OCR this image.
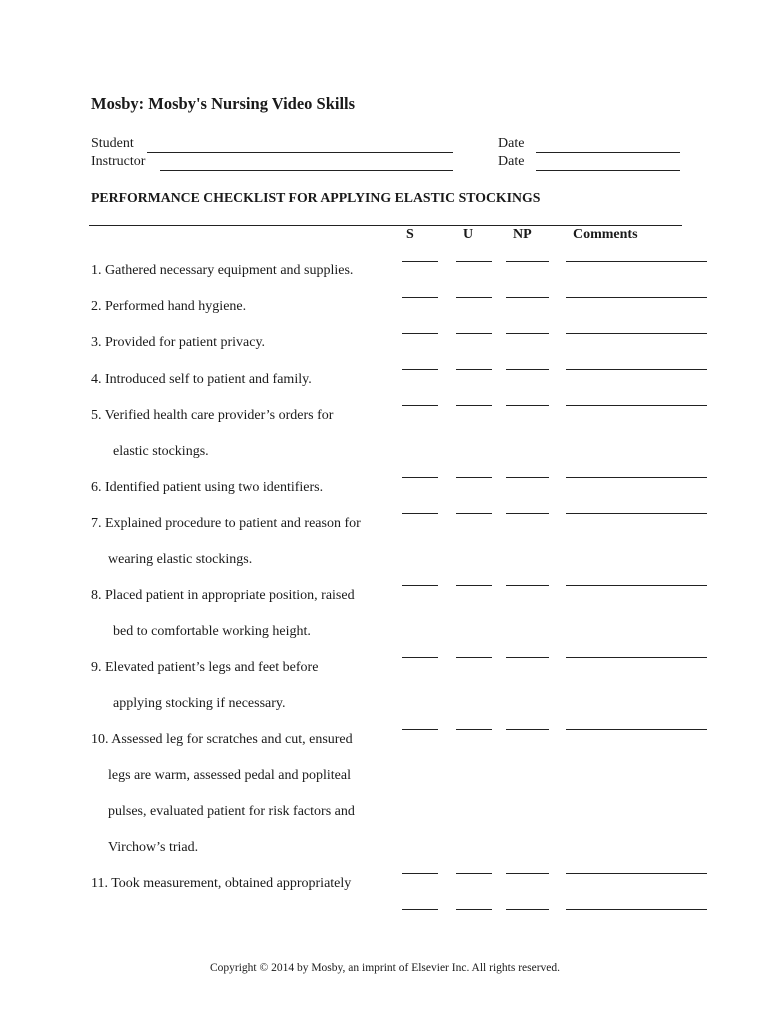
Mosby: Mosby's Nursing Video Skills
Student
Instructor
Date
Date
PERFORMANCE CHECKLIST FOR APPLYING ELASTIC STOCKINGS
S	U	NP	Comments
1. Gathered necessary equipment and supplies.
2. Performed hand hygiene.
3. Provided for patient privacy.
4. Introduced self to patient and family.
5. Verified health care provider’s orders for
elastic stockings.
6. Identified patient using two identifiers.
7. Explained procedure to patient and reason for
wearing elastic stockings.
8. Placed patient in appropriate position, raised
bed to comfortable working height.
9. Elevated patient’s legs and feet before
applying stocking if necessary.
10. Assessed leg for scratches and cut, ensured
legs are warm, assessed pedal and popliteal
pulses, evaluated patient for risk factors and
Virchow’s triad.
11. Took measurement, obtained appropriately
Copyright © 2014 by Mosby, an imprint of Elsevier Inc. All rights reserved.
